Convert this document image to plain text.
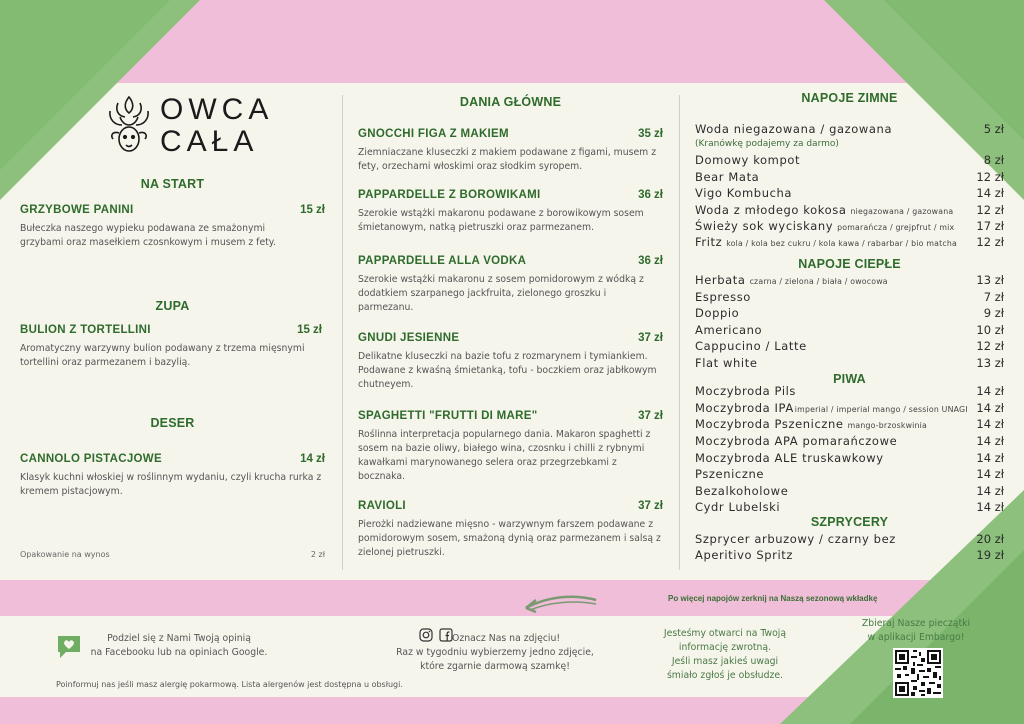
OWCA
CAŁA
NA START
GRZYBOWE PANINI	15 zł
Bułeczka naszego wypieku podawana ze smażonymi grzybami oraz masełkiem czosnkowym i musem z fety.
ZUPA
BULION Z TORTELLINI	15 zł
Aromatyczny warzywny bulion podawany z trzema mięsnymi tortellini oraz parmezanem i bazylią.
DESER
CANNOLO PISTACJOWE	14 zł
Klasyk kuchni włoskiej w roślinnym wydaniu, czyli krucha rurka z kremem pistacjowym.
Opakowanie na wynos	2 zł
DANIA GŁÓWNE
GNOCCHI FIGA Z MAKIEM	35 zł
Ziemniaczane kluseczki z makiem podawane z figami, musem z fety, orzechami włoskimi oraz słodkim syropem.
PAPPARDELLE Z BOROWIKAMI	36 zł
Szerokie wstążki makaronu podawane z borowikowym sosem śmietanowym, natką pietruszki oraz parmezanem.
PAPPARDELLE ALLA VODKA	36 zł
Szerokie wstążki makaronu z sosem pomidorowym z wódką z dodatkiem szarpanego jackfruita, zielonego groszku i parmezanu.
GNUDI JESIENNE	37 zł
Delikatne kluseczki na bazie tofu z rozmarynem i tymiankiem. Podawane z kwaśną śmietanką, tofu - boczkiem oraz jabłkowym chutneyem.
SPAGHETTI "FRUTTI DI MARE"	37 zł
Roślinna interpretacja popularnego dania. Makaron spaghetti z sosem na bazie oliwy, białego wina, czosnku i chilli z rybnymi kawałkami marynowanego selera oraz przegrzebkami z bocznaka.
RAVIOLI	37 zł
Pierożki nadziewane mięsno - warzywnym farszem podawane z pomidorowym sosem, smażoną dynią oraz parmezanem i salsą z zielonej pietruszki.
NAPOJE ZIMNE
Woda niegazowana / gazowana	5 zł
(Kranówkę podajemy za darmo)
Domowy kompot	8 zł
Bear Mata	12 zł
Vigo Kombucha	14 zł
Woda z młodego kokosa niegazowana / gazowana 12 zł
Świeży sok wyciskany pomarańcza / grejpfrut / mix 17 zł
Fritz kola / kola bez cukru / kola kawa / rabarbar / bio matcha 12 zł
NAPOJE CIEPŁE
Herbata czarna / zielona / biała / owocowa	13 zł
Espresso	7 zł
Doppio	9 zł
Americano	10 zł
Cappucino / Latte	12 zł
Flat white	13 zł
PIWA
Moczybroda Pils	14 zł
Moczybroda IPAimperial / imperial mango / session UNAGI 14 zł
Moczybroda Pszeniczne mango-brzoskwinia	14 zł
Moczybroda APA pomarańczowe	14 zł
Moczybroda ALE truskawkowy	14 zł
Pszeniczne	14 zł
Bezalkoholowe	14 zł
Cydr Lubelski	14 zł
SZPRYCERY
Szprycer arbuzowy / czarny bez	20 zł
Aperitivo Spritz	19 zł
Po więcej napojów zerknij na Naszą sezonową wkładkę
Podziel się z Nami Twoją opinią
na Facebooku lub na opiniach Google.
Oznacz Nas na zdjęciu!
Raz w tygodniu wybierzemy jedno zdjęcie,
które zgarnie darmową szamkę!
Jesteśmy otwarci na Twoją
informację zwrotną.
Jeśli masz jakieś uwagi
śmiało zgłoś je obsłudze.
Zbieraj Nasze pieczątki
w aplikacji Embargo!
Poinformuj nas jeśli masz alergię pokarmową. Lista alergenów jest dostępna u obsługi.
